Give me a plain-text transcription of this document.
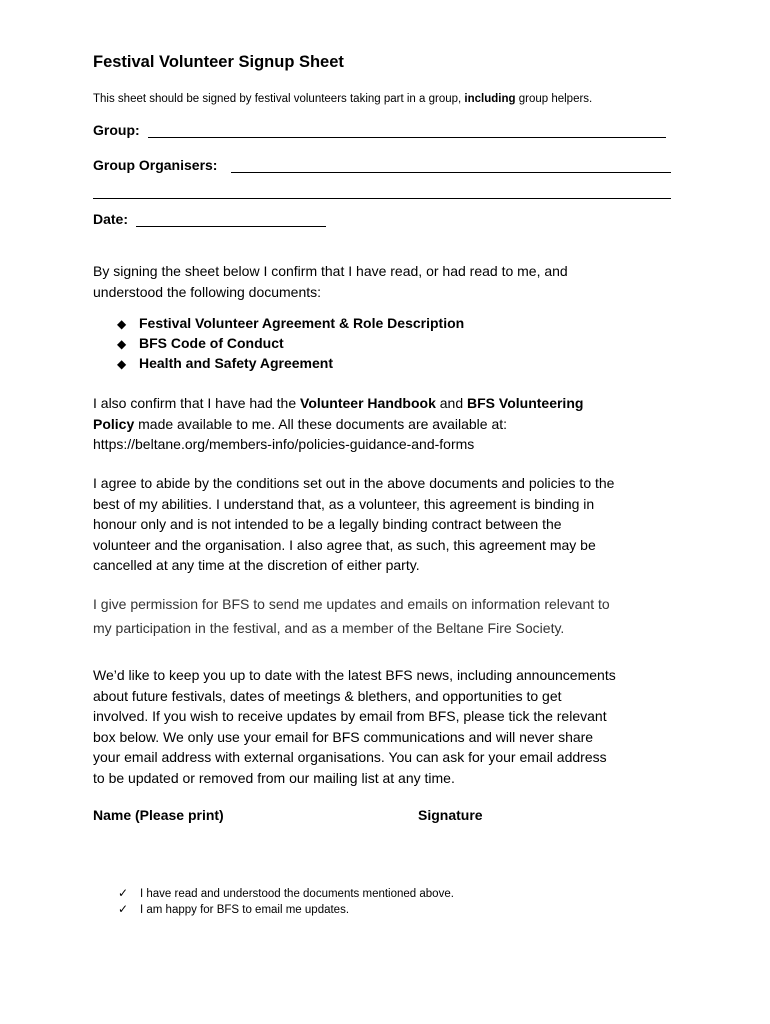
Festival Volunteer Signup Sheet
This sheet should be signed by festival volunteers taking part in a group, including group helpers.
Group:
Group Organisers:
Date:
By signing the sheet below I confirm that I have read, or had read to me, and
understood the following documents:
◆ Festival Volunteer Agreement & Role Description
◆ BFS Code of Conduct
◆ Health and Safety Agreement
I also confirm that I have had the Volunteer Handbook and BFS Volunteering
Policy made available to me. All these documents are available at:
https://beltane.org/members-info/policies-guidance-and-forms
I agree to abide by the conditions set out in the above documents and policies to the
best of my abilities. I understand that, as a volunteer, this agreement is binding in
honour only and is not intended to be a legally binding contract between the
volunteer and the organisation. I also agree that, as such, this agreement may be
cancelled at any time at the discretion of either party.
I give permission for BFS to send me updates and emails on information relevant to
my participation in the festival, and as a member of the Beltane Fire Society.
We’d like to keep you up to date with the latest BFS news, including announcements
about future festivals, dates of meetings & blethers, and opportunities to get
involved. If you wish to receive updates by email from BFS, please tick the relevant
box below. We only use your email for BFS communications and will never share
your email address with external organisations. You can ask for your email address
to be updated or removed from our mailing list at any time.
Name (Please print)	Signature
✓ I have read and understood the documents mentioned above.
✓ I am happy for BFS to email me updates.
